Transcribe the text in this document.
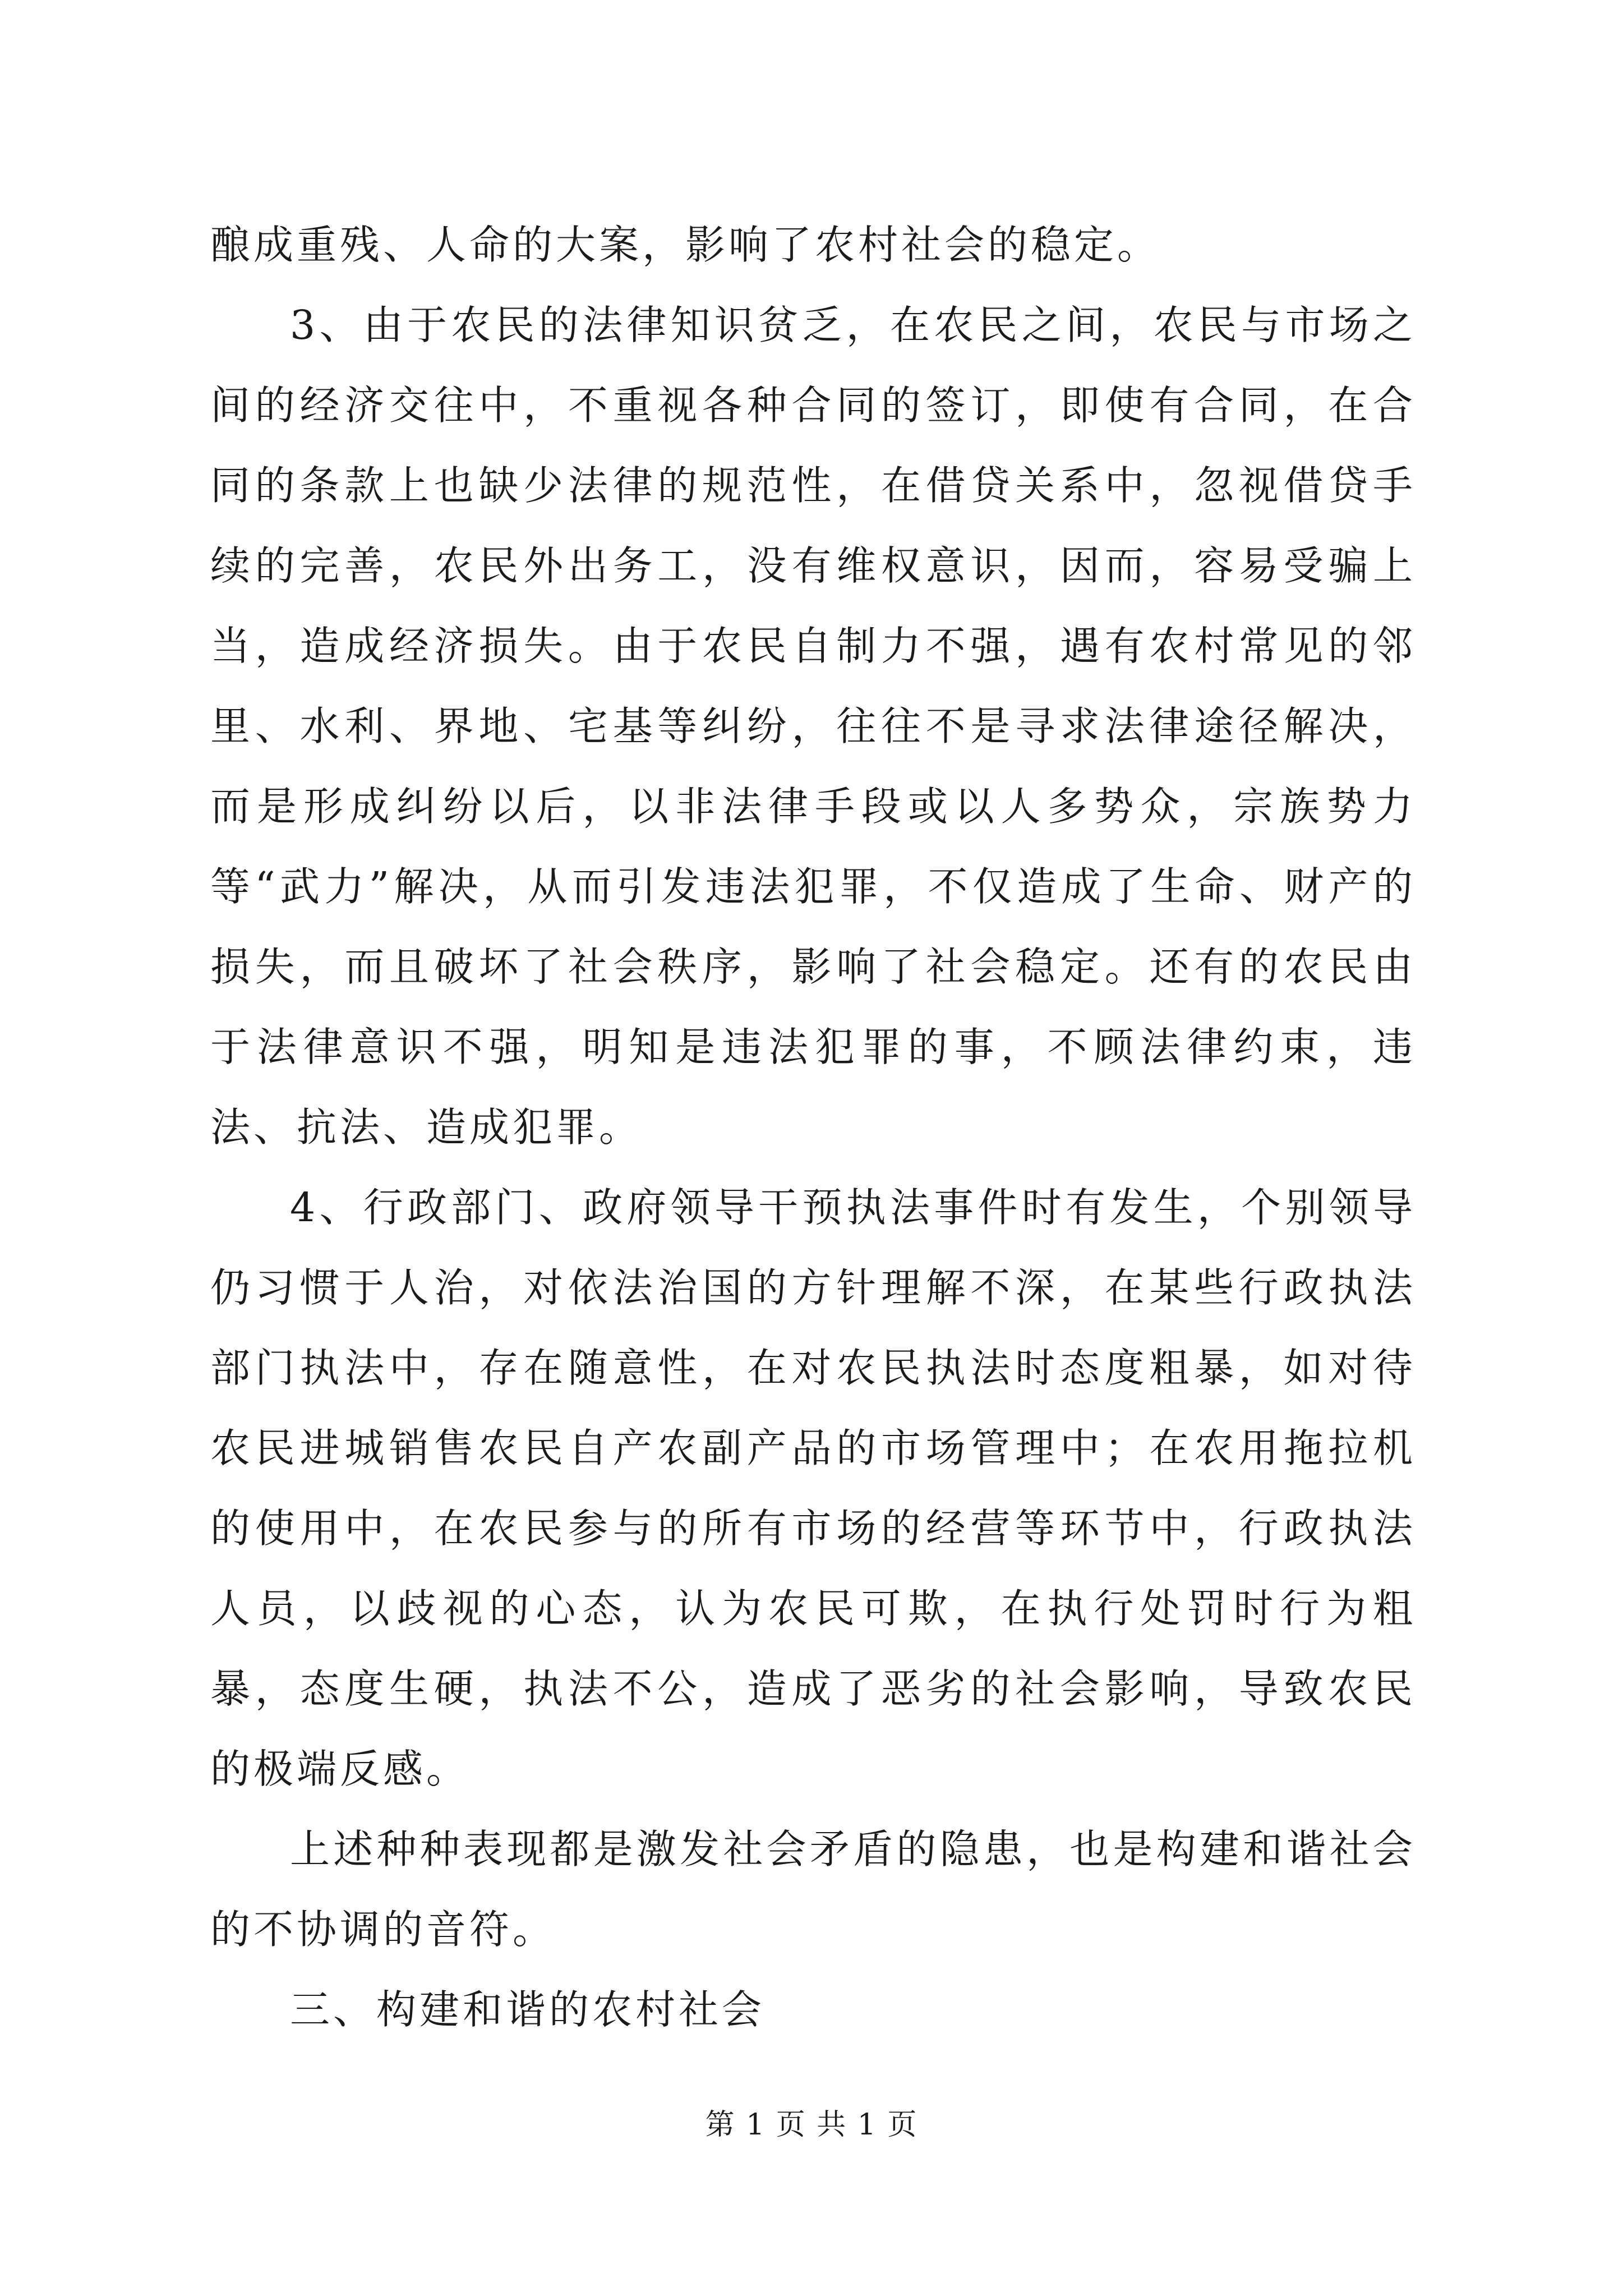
酿成重残、人命的大案，影响了农村社会的稳定。

3、由于农民的法律知识贫乏，在农民之间，农民与市场之间的经济交往中，不重视各种合同的签订，即使有合同，在合同的条款上也缺少法律的规范性，在借贷关系中，忽视借贷手续的完善，农民外出务工，没有维权意识，因而，容易受骗上当，造成经济损失。由于农民自制力不强，遇有农村常见的邻里、水利、界地、宅基等纠纷，往往不是寻求法律途径解决，而是形成纠纷以后，以非法律手段或以人多势众，宗族势力等“武力”解决，从而引发违法犯罪，不仅造成了生命、财产的损失，而且破坏了社会秩序，影响了社会稳定。还有的农民由于法律意识不强，明知是违法犯罪的事，不顾法律约束，违法、抗法、造成犯罪。

4、行政部门、政府领导干预执法事件时有发生，个别领导仍习惯于人治，对依法治国的方针理解不深，在某些行政执法部门执法中，存在随意性，在对农民执法时态度粗暴，如对待农民进城销售农民自产农副产品的市场管理中；在农用拖拉机的使用中，在农民参与的所有市场的经营等环节中，行政执法人员，以歧视的心态，认为农民可欺，在执行处罚时行为粗暴，态度生硬，执法不公，造成了恶劣的社会影响，导致农民的极端反感。

上述种种表现都是激发社会矛盾的隐患，也是构建和谐社会的不协调的音符。

三、构建和谐的农村社会

第 1 页 共 1 页
